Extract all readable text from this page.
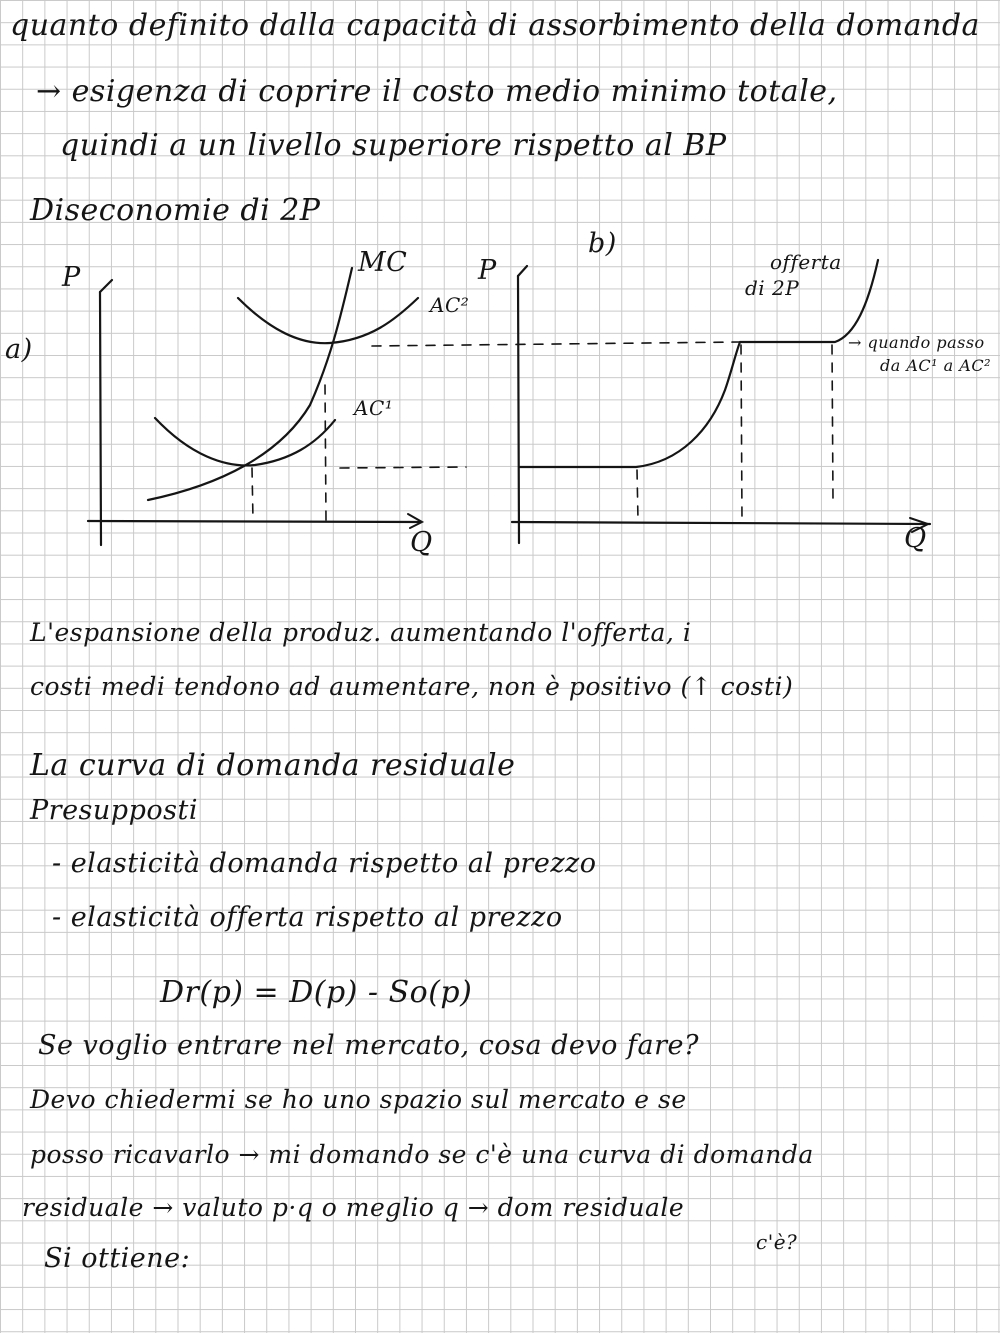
quanto definito dalla capacità di assorbimento della domanda
→ esigenza di coprire il costo medio minimo totale,
quindi a un livello superiore rispetto al BP
Diseconomie di 2P
a)
P	MC
AC²
AC¹
Q
b)
P	offerta
di 2P
→ quando passo
da AC¹ a AC²
Q
L'espansione della produz. aumentando l'offerta, i
costi medi tendono ad aumentare, non è positivo (↑ costi)
La curva di domanda residuale
Presupposti
- elasticità domanda rispetto al prezzo
- elasticità offerta rispetto al prezzo
Dr(p) = D(p) - So(p)
Se voglio entrare nel mercato, cosa devo fare?
Devo chiedermi se ho uno spazio sul mercato e se
posso ricavarlo → mi domando se c'è una curva di domanda
residuale → valuto p·q o meglio q → dom residuale
c'è?
Si ottiene:
